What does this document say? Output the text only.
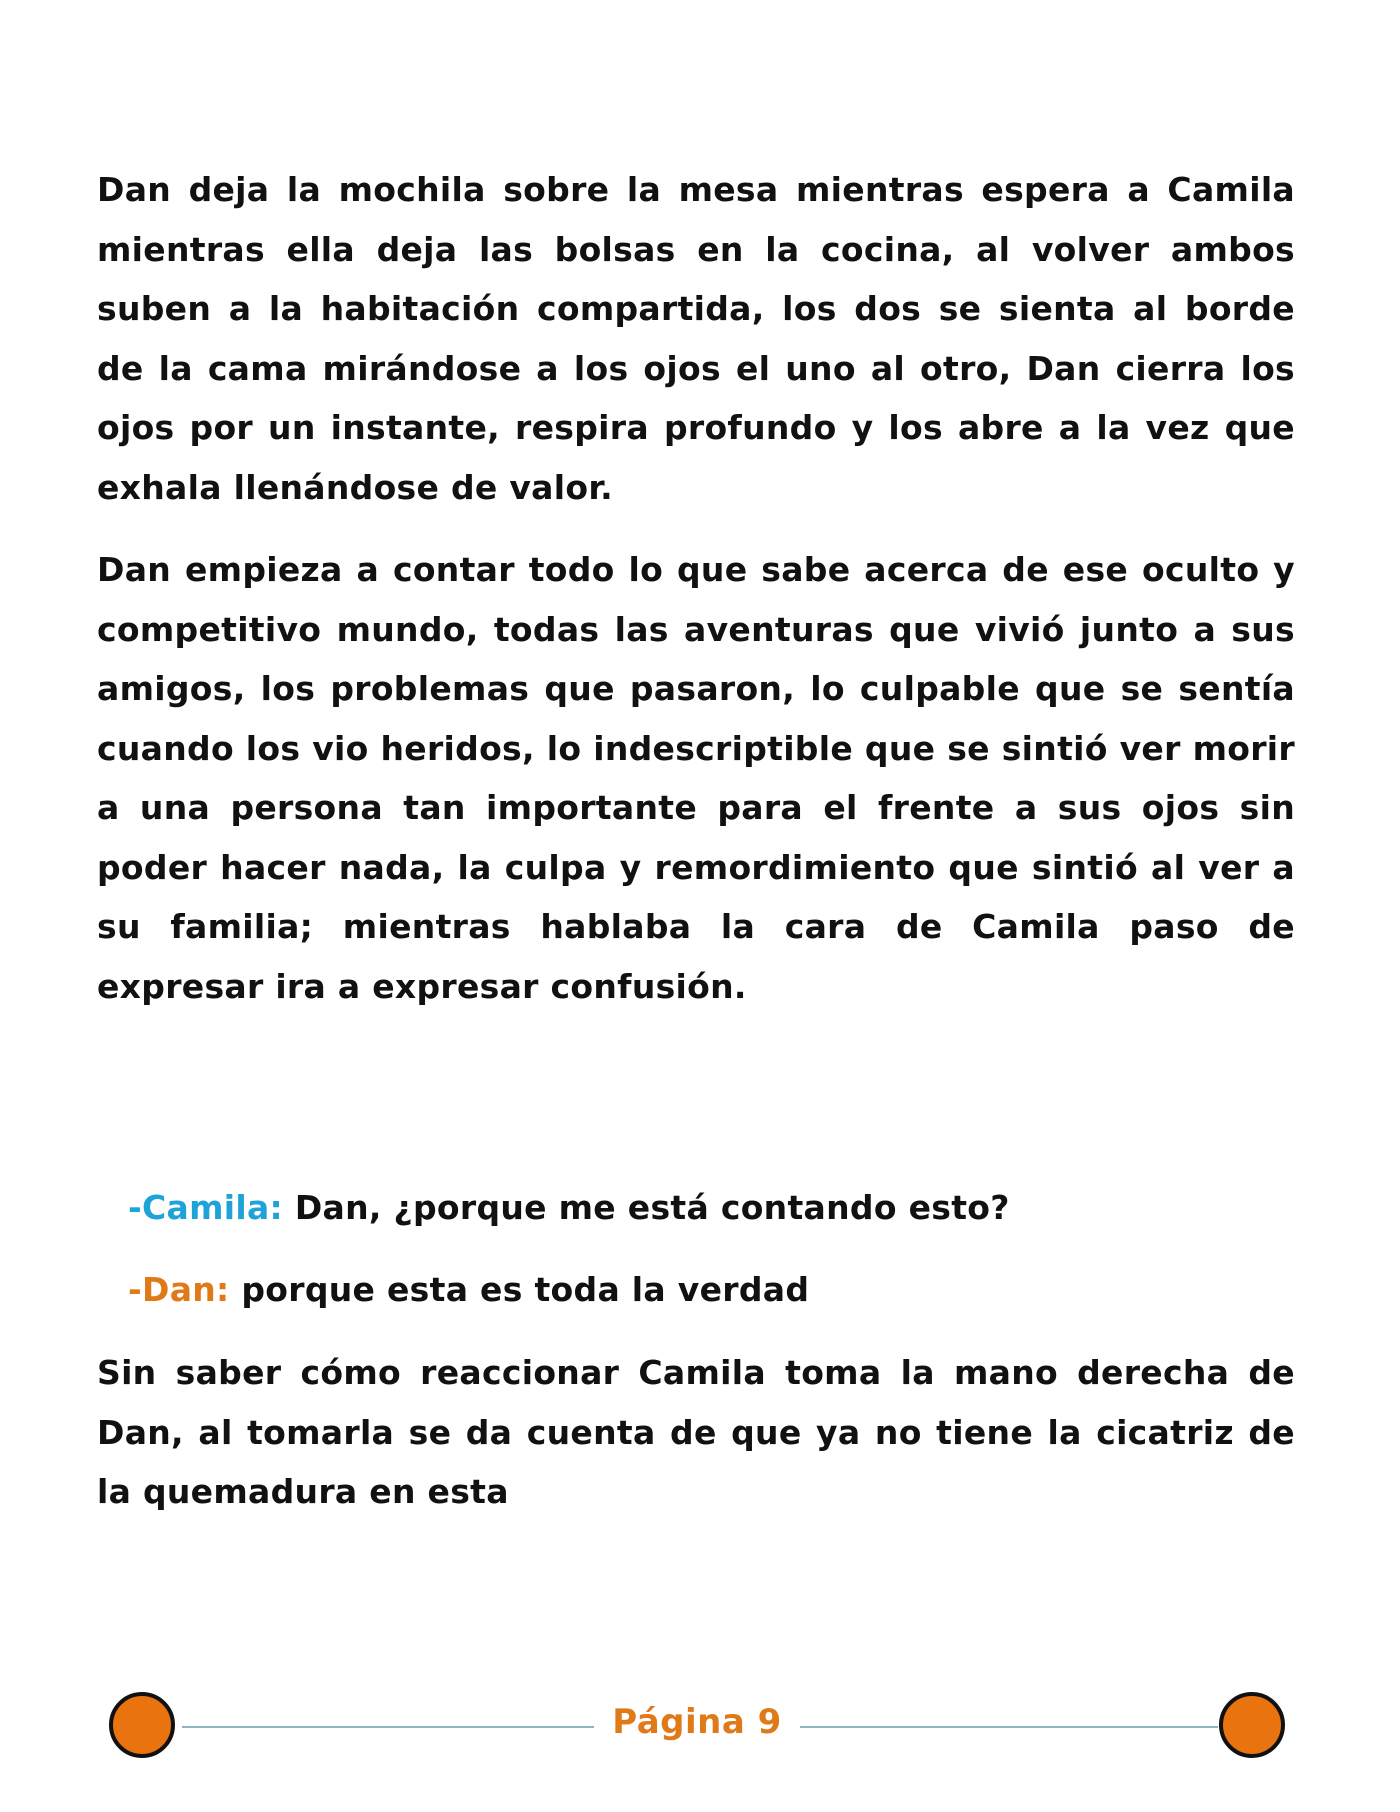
Dan deja la mochila sobre la mesa mientras espera a Camila mientras ella deja las bolsas en la cocina, al volver ambos suben a la habitación compartida, los dos se sienta al borde de la cama mirándose a los ojos el uno al otro, Dan cierra los ojos por un instante, respira profundo y los abre a la vez que exhala llenándose de valor.

Dan empieza a contar todo lo que sabe acerca de ese oculto y competitivo mundo, todas las aventuras que vivió junto a sus amigos, los problemas que pasaron, lo culpable que se sentía cuando los vio heridos, lo indescriptible que se sintió ver morir a una persona tan importante para el frente a sus ojos sin poder hacer nada, la culpa y remordimiento que sintió al ver a su familia; mientras hablaba la cara de Camila paso de expresar ira a expresar confusión.

-Camila: Dan, ¿porque me está contando esto?

-Dan: porque esta es toda la verdad

Sin saber cómo reaccionar Camila toma la mano derecha de Dan, al tomarla se da cuenta de que ya no tiene la cicatriz de la quemadura en esta

Página 9
